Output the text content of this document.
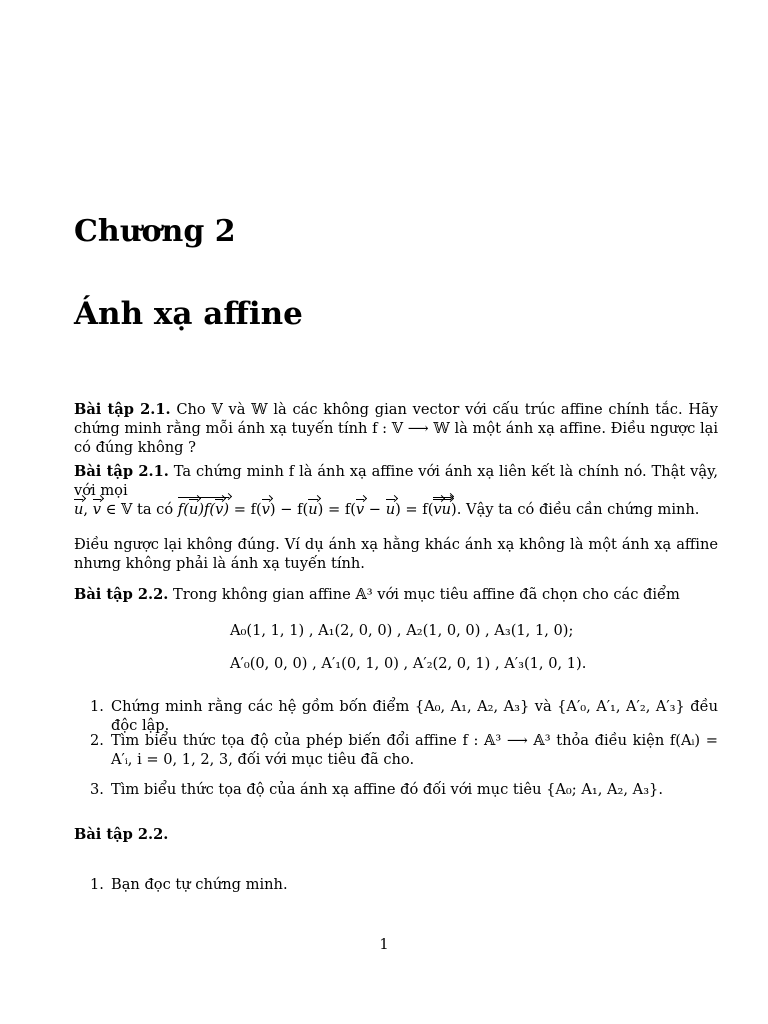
Chương 2
Ánh xạ affine

Bài tập 2.1. Cho 𝕍 và 𝕎 là các không gian vector với cấu trúc affine chính tắc. Hãy chứng minh rằng mỗi ánh xạ tuyến tính f : 𝕍 ⟶ 𝕎 là một ánh xạ affine. Điều ngược lại có đúng không ?

Bài tập 2.1. Ta chứng minh f là ánh xạ affine với ánh xạ liên kết là chính nó. Thật vậy, với mọi
u, v ∈ 𝕍 ta có f(u)f(v) = f(v) − f(u) = f(v − u) = f(vu). Vậy ta có điều cần chứng minh.

Điều ngược lại không đúng. Ví dụ ánh xạ hằng khác ánh xạ không là một ánh xạ affine nhưng không phải là ánh xạ tuyến tính.

Bài tập 2.2. Trong không gian affine 𝔸³ với mục tiêu affine đã chọn cho các điểm

A₀(1, 1, 1) , A₁(2, 0, 0) , A₂(1, 0, 0) , A₃(1, 1, 0);

A′₀(0, 0, 0) , A′₁(0, 1, 0) , A′₂(2, 0, 1) , A′₃(1, 0, 1).

1. Chứng minh rằng các hệ gồm bốn điểm {A₀, A₁, A₂, A₃} và {A′₀, A′₁, A′₂, A′₃} đều độc lập.
2. Tìm biểu thức tọa độ của phép biến đổi affine f : 𝔸³ ⟶ 𝔸³ thỏa điều kiện f(Aᵢ) = A′ᵢ, i = 0, 1, 2, 3, đối với mục tiêu đã cho.
3. Tìm biểu thức tọa độ của ánh xạ affine đó đối với mục tiêu {A₀; A₁, A₂, A₃}.

Bài tập 2.2.

1. Bạn đọc tự chứng minh.
1
